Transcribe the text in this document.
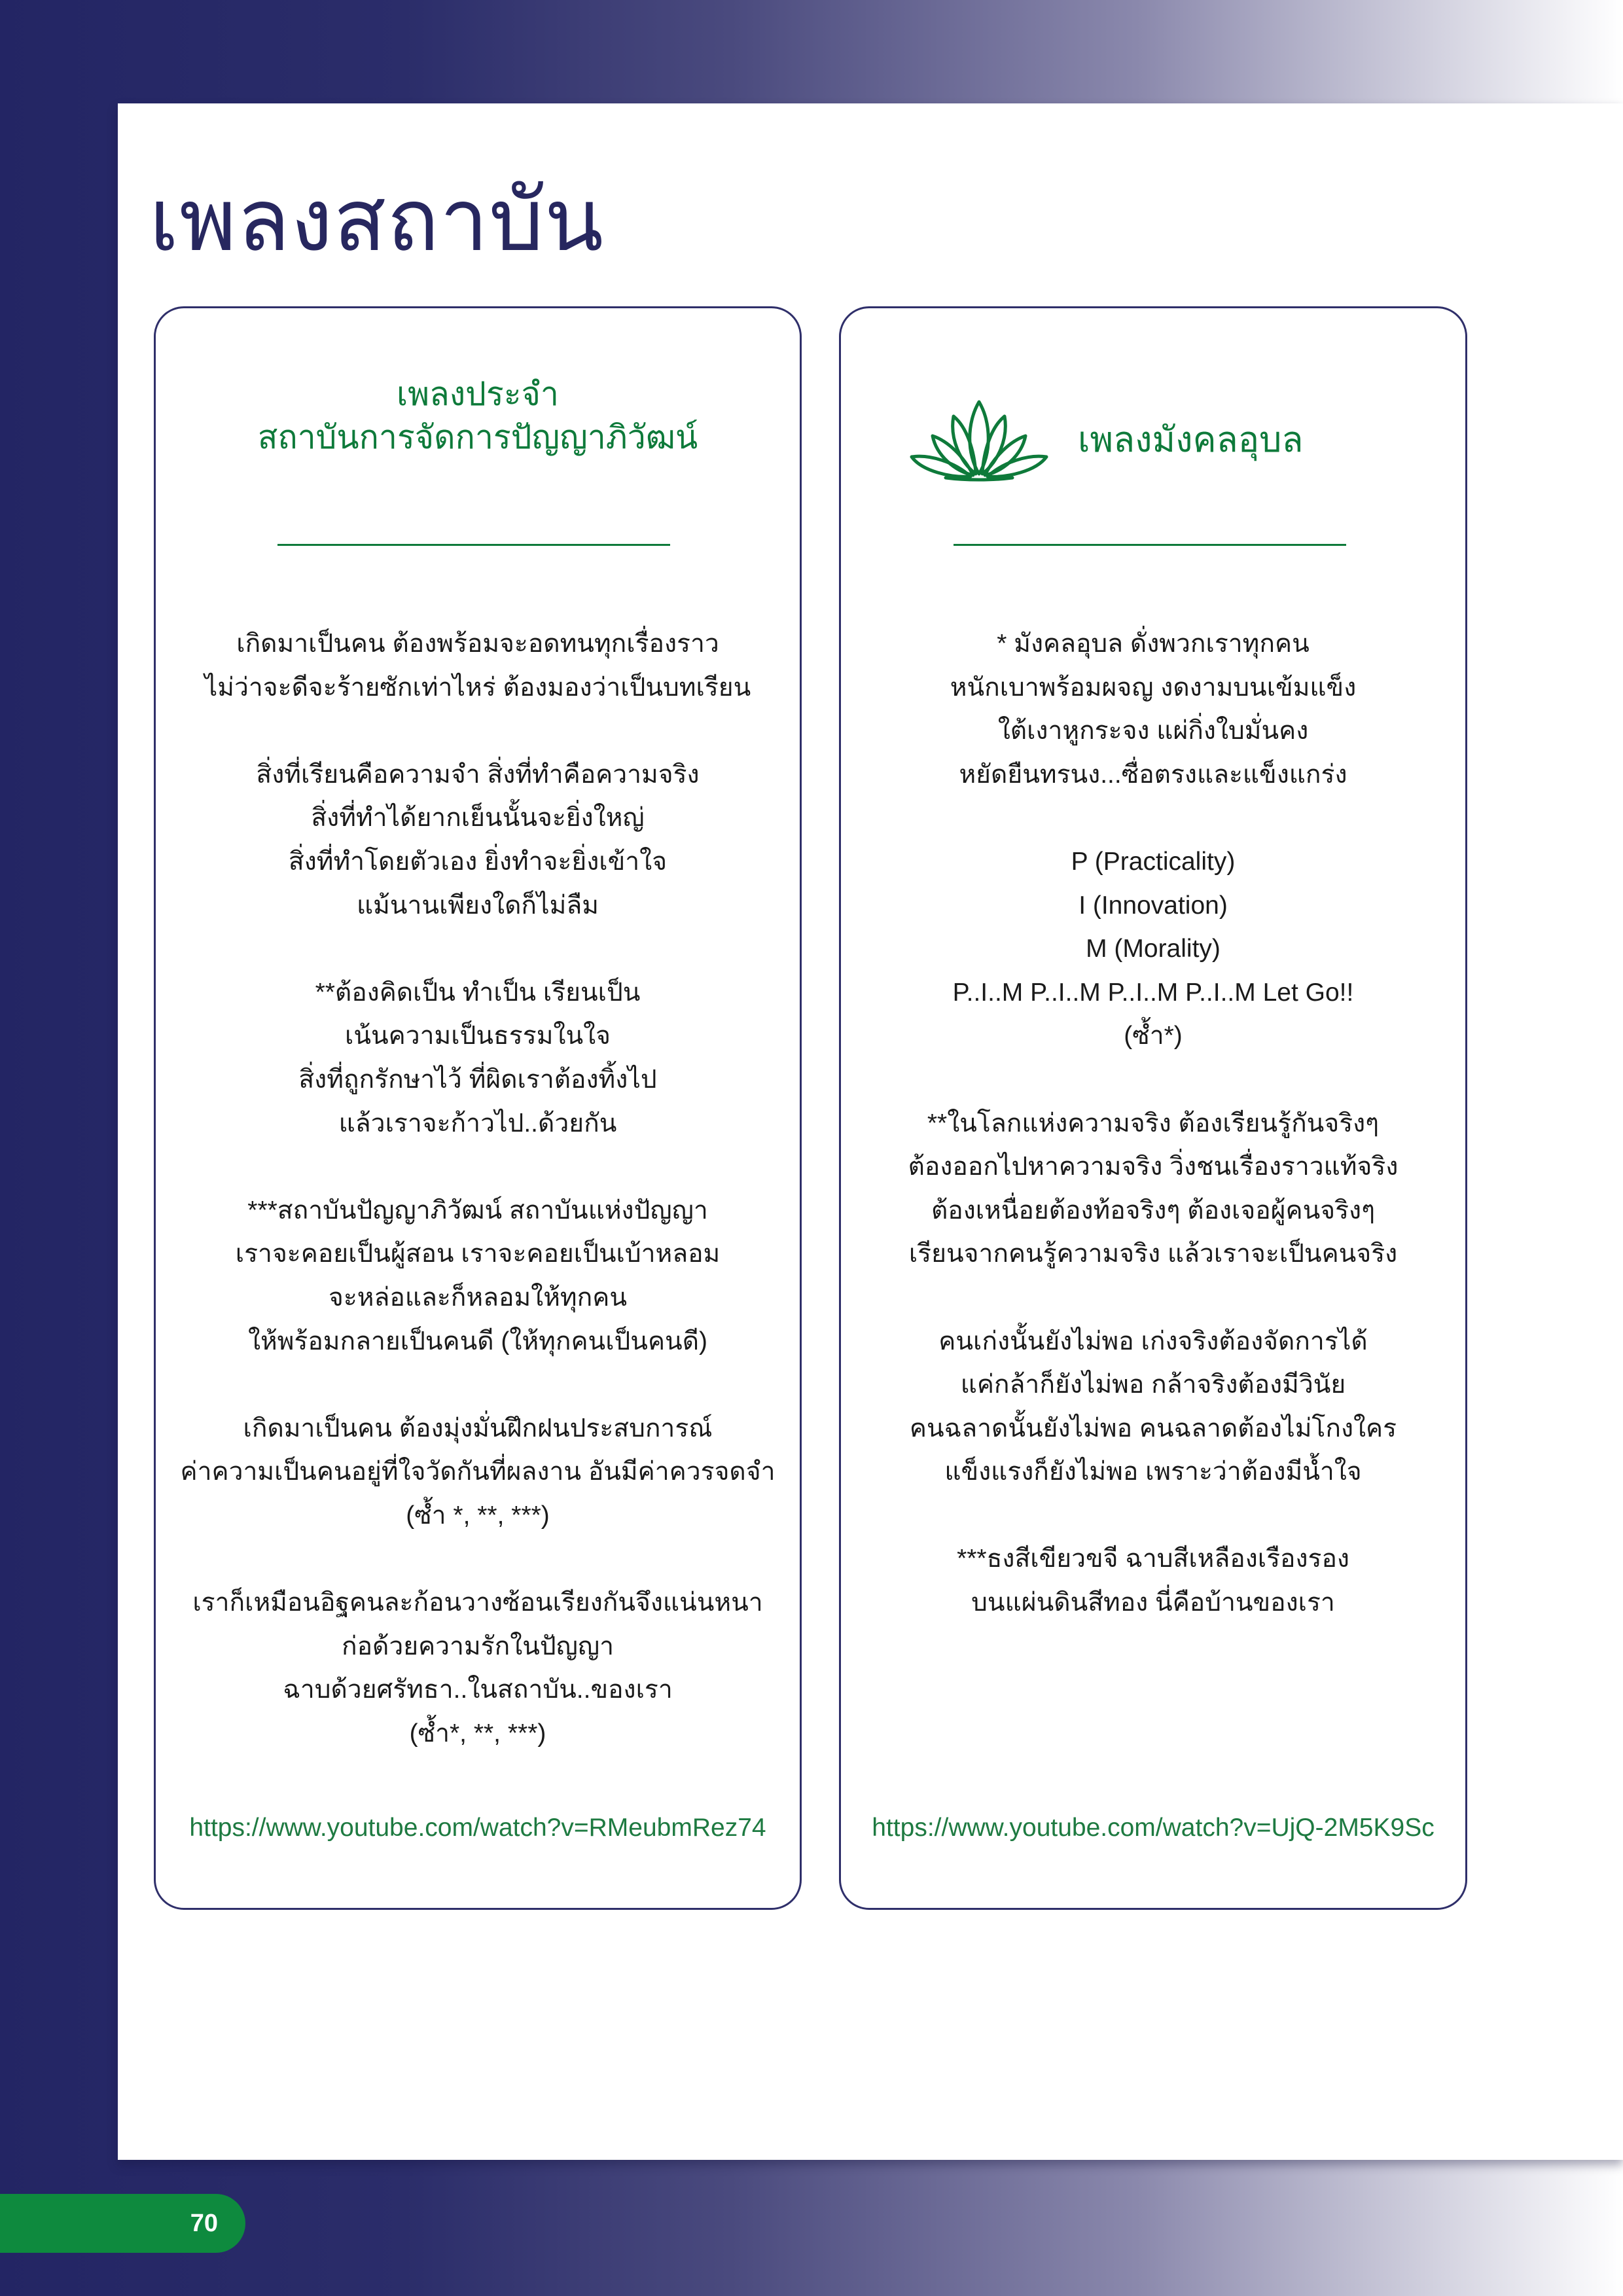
เพลงสถาบัน
เพลงประจำ
สถาบันการจัดการปัญญาภิวัฒน์
เกิดมาเป็นคน ต้องพร้อมจะอดทนทุกเรื่องราว
ไม่ว่าจะดีจะร้ายซักเท่าไหร่ ต้องมองว่าเป็นบทเรียน
สิ่งที่เรียนคือความจำ สิ่งที่ทำคือความจริง
สิ่งที่ทำได้ยากเย็นนั้นจะยิ่งใหญ่
สิ่งที่ทำโดยตัวเอง ยิ่งทำจะยิ่งเข้าใจ
แม้นานเพียงใดก็ไม่ลืม
**ต้องคิดเป็น ทำเป็น เรียนเป็น
เน้นความเป็นธรรมในใจ
สิ่งที่ถูกรักษาไว้ ที่ผิดเราต้องทิ้งไป
แล้วเราจะก้าวไป..ด้วยกัน
***สถาบันปัญญาภิวัฒน์ สถาบันแห่งปัญญา
เราจะคอยเป็นผู้สอน เราจะคอยเป็นเบ้าหลอม
จะหล่อและก็หลอมให้ทุกคน
ให้พร้อมกลายเป็นคนดี (ให้ทุกคนเป็นคนดี)
เกิดมาเป็นคน ต้องมุ่งมั่นฝึกฝนประสบการณ์
ค่าความเป็นคนอยู่ที่ใจวัดกันที่ผลงาน อันมีค่าควรจดจำ
(ซ้ำ *, **, ***)
เราก็เหมือนอิฐคนละก้อนวางซ้อนเรียงกันจึงแน่นหนา
ก่อด้วยความรักในปัญญา
ฉาบด้วยศรัทธา..ในสถาบัน..ของเรา
(ซ้ำ*, **, ***)
https://www.youtube.com/watch?v=RMeubmRez74
เพลงมังคลอุบล
* มังคลอุบล ดั่งพวกเราทุกคน
หนักเบาพร้อมผจญ งดงามบนเข้มแข็ง
ใต้เงาหูกระจง แผ่กิ่งใบมั่นคง
หยัดยืนทรนง...ซื่อตรงและแข็งแกร่ง
P (Practicality)
I (Innovation)
M (Morality)
P..I..M P..I..M P..I..M P..I..M Let Go!!
(ซ้ำ*)
**ในโลกแห่งความจริง ต้องเรียนรู้กันจริงๆ
ต้องออกไปหาความจริง วิ่งชนเรื่องราวแท้จริง
ต้องเหนื่อยต้องท้อจริงๆ ต้องเจอผู้คนจริงๆ
เรียนจากคนรู้ความจริง แล้วเราจะเป็นคนจริง
คนเก่งนั้นยังไม่พอ เก่งจริงต้องจัดการได้
แค่กล้าก็ยังไม่พอ กล้าจริงต้องมีวินัย
คนฉลาดนั้นยังไม่พอ คนฉลาดต้องไม่โกงใคร
แข็งแรงก็ยังไม่พอ เพราะว่าต้องมีน้ำใจ
***ธงสีเขียวขจี ฉาบสีเหลืองเรืองรอง
บนแผ่นดินสีทอง นี่คือบ้านของเรา
https://www.youtube.com/watch?v=UjQ-2M5K9Sc
70
